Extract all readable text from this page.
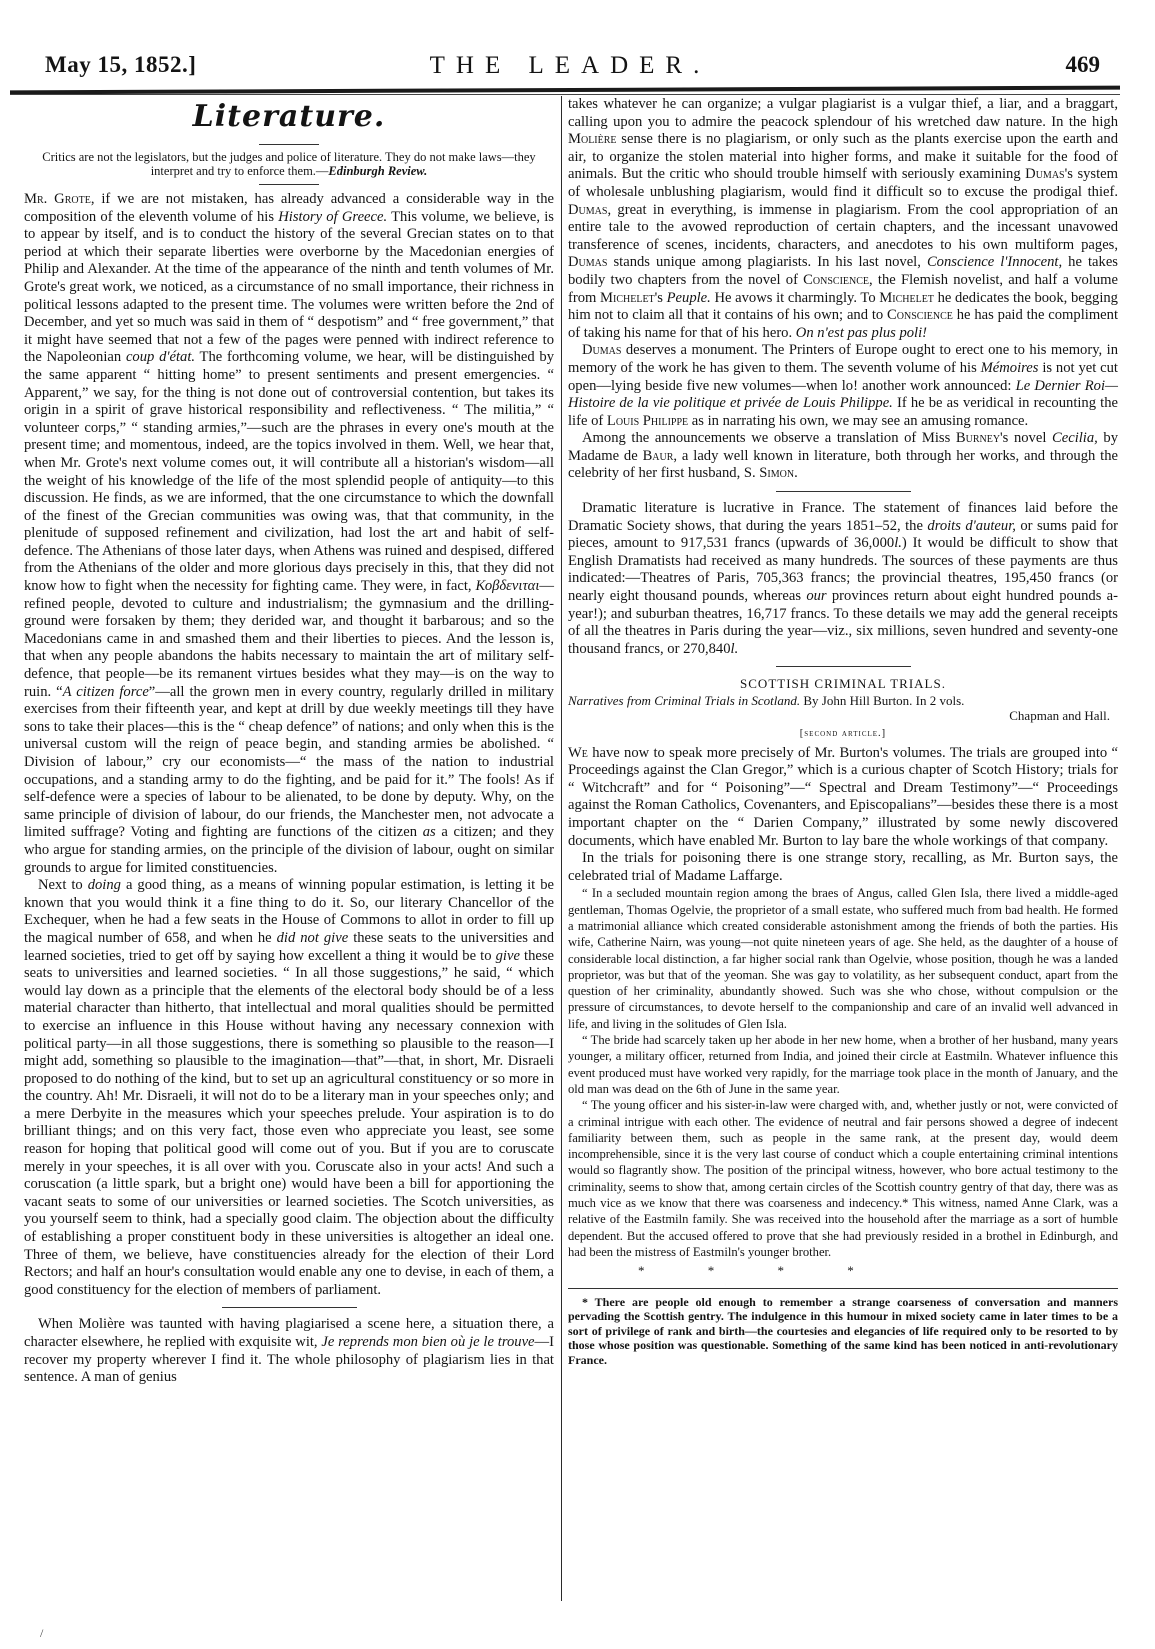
May 15, 1852.]	THE LEADER.	469
Literature.
Critics are not the legislators, but the judges and police of literature. They do not make laws—they interpret and try to enforce them.—Edinburgh Review.

Mr. Grote, if we are not mistaken, has already advanced a considerable way in the composition of the eleventh volume of his History of Greece. This volume, we believe, is to appear by itself, and is to conduct the history of the several Grecian states on to that period at which their separate liberties were overborne by the Macedonian energies of Philip and Alexander. At the time of the appearance of the ninth and tenth volumes of Mr. Grote's great work, we noticed, as a circumstance of no small importance, their richness in political lessons adapted to the present time. The volumes were written before the 2nd of December, and yet so much was said in them of “ despotism” and “ free government,” that it might have seemed that not a few of the pages were penned with indirect reference to the Napoleonian coup d'état. The forthcoming volume, we hear, will be distinguished by the same apparent “ hitting home” to present sentiments and present emergencies. “ Apparent,” we say, for the thing is not done out of controversial contention, but takes its origin in a spirit of grave historical responsibility and reflectiveness. “ The militia,” “ volunteer corps,” “ standing armies,”—such are the phrases in every one's mouth at the present time; and momentous, indeed, are the topics involved in them. Well, we hear that, when Mr. Grote's next volume comes out, it will contribute all a historian's wisdom—all the weight of his knowledge of the life of the most splendid people of antiquity—to this discussion. He finds, as we are informed, that the one circumstance to which the downfall of the finest of the Grecian communities was owing was, that that community, in the plenitude of supposed refinement and civilization, had lost the art and habit of self-defence. The Athenians of those later days, when Athens was ruined and despised, differed from the Athenians of the older and more glorious days precisely in this, that they did not know how to fight when the necessity for fighting came. They were, in fact, Κοβδενιται—refined people, devoted to culture and industrialism; the gymnasium and the drilling-ground were forsaken by them; they derided war, and thought it barbarous; and so the Macedonians came in and smashed them and their liberties to pieces. And the lesson is, that when any people abandons the habits necessary to maintain the art of military self-defence, that people—be its remanent virtues besides what they may—is on the way to ruin. “A citizen force”—all the grown men in every country, regularly drilled in military exercises from their fifteenth year, and kept at drill by due weekly meetings till they have sons to take their places—this is the “ cheap defence” of nations; and only when this is the universal custom will the reign of peace begin, and standing armies be abolished. “ Division of labour,” cry our economists—“ the mass of the nation to industrial occupations, and a standing army to do the fighting, and be paid for it.” The fools! As if self-defence were a species of labour to be alienated, to be done by deputy. Why, on the same principle of division of labour, do our friends, the Manchester men, not advocate a limited suffrage? Voting and fighting are functions of the citizen as a citizen; and they who argue for standing armies, on the principle of the division of labour, ought on similar grounds to argue for limited constituencies.

Next to doing a good thing, as a means of winning popular estimation, is letting it be known that you would think it a fine thing to do it. So, our literary Chancellor of the Exchequer, when he had a few seats in the House of Commons to allot in order to fill up the magical number of 658, and when he did not give these seats to the universities and learned societies, tried to get off by saying how excellent a thing it would be to give these seats to universities and learned societies. “ In all those suggestions,” he said, “ which would lay down as a principle that the elements of the electoral body should be of a less material character than hitherto, that intellectual and moral qualities should be permitted to exercise an influence in this House without having any necessary connexion with political party—in all those suggestions, there is something so plausible to the reason—I might add, something so plausible to the imagination—that”—that, in short, Mr. Disraeli proposed to do nothing of the kind, but to set up an agricultural constituency or so more in the country. Ah! Mr. Disraeli, it will not do to be a literary man in your speeches only; and a mere Derbyite in the measures which your speeches prelude. Your aspiration is to do brilliant things; and on this very fact, those even who appreciate you least, see some reason for hoping that political good will come out of you. But if you are to coruscate merely in your speeches, it is all over with you. Coruscate also in your acts! And such a coruscation (a little spark, but a bright one) would have been a bill for apportioning the vacant seats to some of our universities or learned societies. The Scotch universities, as you yourself seem to think, had a specially good claim. The objection about the difficulty of establishing a proper constituent body in these universities is altogether an ideal one. Three of them, we believe, have constituencies already for the election of their Lord Rectors; and half an hour's consultation would enable any one to devise, in each of them, a good constituency for the election of members of parliament.

When Molière was taunted with having plagiarised a scene here, a situation there, a character elsewhere, he replied with exquisite wit, Je reprends mon bien où je le trouve—I recover my property wherever I find it. The whole philosophy of plagiarism lies in that sentence. A man of genius

takes whatever he can organize; a vulgar plagiarist is a vulgar thief, a liar, and a braggart, calling upon you to admire the peacock splendour of his wretched daw nature. In the high Molière sense there is no plagiarism, or only such as the plants exercise upon the earth and air, to organize the stolen material into higher forms, and make it suitable for the food of animals. But the critic who should trouble himself with seriously examining Dumas's system of wholesale unblushing plagiarism, would find it difficult so to excuse the prodigal thief. Dumas, great in everything, is immense in plagiarism. From the cool appropriation of an entire tale to the avowed reproduction of certain chapters, and the incessant unavowed transference of scenes, incidents, characters, and anecdotes to his own multiform pages, Dumas stands unique among plagiarists. In his last novel, Conscience l'Innocent, he takes bodily two chapters from the novel of Conscience, the Flemish novelist, and half a volume from Michelet's Peuple. He avows it charmingly. To Michelet he dedicates the book, begging him not to claim all that it contains of his own; and to Conscience he has paid the compliment of taking his name for that of his hero. On n'est pas plus poli!

Dumas deserves a monument. The Printers of Europe ought to erect one to his memory, in memory of the work he has given to them. The seventh volume of his Mémoires is not yet cut open—lying beside five new volumes—when lo! another work announced: Le Dernier Roi—Histoire de la vie politique et privée de Louis Philippe. If he be as veridical in recounting the life of Louis Philippe as in narrating his own, we may see an amusing romance.

Among the announcements we observe a translation of Miss Burney's novel Cecilia, by Madame de Baur, a lady well known in literature, both through her works, and through the celebrity of her first husband, S. Simon.

Dramatic literature is lucrative in France. The statement of finances laid before the Dramatic Society shows, that during the years 1851–52, the droits d'auteur, or sums paid for pieces, amount to 917,531 francs (upwards of 36,000l.) It would be difficult to show that English Dramatists had received as many hundreds. The sources of these payments are thus indicated:—Theatres of Paris, 705,363 francs; the provincial theatres, 195,450 francs (or nearly eight thousand pounds, whereas our provinces return about eight hundred pounds a-year!); and suburban theatres, 16,717 francs. To these details we may add the general receipts of all the theatres in Paris during the year—viz., six millions, seven hundred and seventy-one thousand francs, or 270,840l.

SCOTTISH CRIMINAL TRIALS.
Narratives from Criminal Trials in Scotland. By John Hill Burton. In 2 vols.
Chapman and Hall.
[second article.]

We have now to speak more precisely of Mr. Burton's volumes. The trials are grouped into “ Proceedings against the Clan Gregor,” which is a curious chapter of Scotch History; trials for “ Witchcraft” and for “ Poisoning”—“ Spectral and Dream Testimony”—“ Proceedings against the Roman Catholics, Covenanters, and Episcopalians”—besides these there is a most important chapter on the “ Darien Company,” illustrated by some newly discovered documents, which have enabled Mr. Burton to lay bare the whole workings of that company.

In the trials for poisoning there is one strange story, recalling, as Mr. Burton says, the celebrated trial of Madame Laffarge.

“ In a secluded mountain region among the braes of Angus, called Glen Isla, there lived a middle-aged gentleman, Thomas Ogelvie, the proprietor of a small estate, who suffered much from bad health. He formed a matrimonial alliance which created considerable astonishment among the friends of both the parties. His wife, Catherine Nairn, was young—not quite nineteen years of age. She held, as the daughter of a house of considerable local distinction, a far higher social rank than Ogelvie, whose position, though he was a landed proprietor, was but that of the yeoman. She was gay to volatility, as her subsequent conduct, apart from the question of her criminality, abundantly showed. Such was she who chose, without compulsion or the pressure of circumstances, to devote herself to the companionship and care of an invalid well advanced in life, and living in the solitudes of Glen Isla.

“ The bride had scarcely taken up her abode in her new home, when a brother of her husband, many years younger, a military officer, returned from India, and joined their circle at Eastmiln. Whatever influence this event produced must have worked very rapidly, for the marriage took place in the month of January, and the old man was dead on the 6th of June in the same year.

“ The young officer and his sister-in-law were charged with, and, whether justly or not, were convicted of a criminal intrigue with each other. The evidence of neutral and fair persons showed a degree of indecent familiarity between them, such as people in the same rank, at the present day, would deem incomprehensible, since it is the very last course of conduct which a couple entertaining criminal intentions would so flagrantly show. The position of the principal witness, however, who bore actual testimony to the criminality, seems to show that, among certain circles of the Scottish country gentry of that day, there was as much vice as we know that there was coarseness and indecency.* This witness, named Anne Clark, was a relative of the Eastmiln family. She was received into the household after the marriage as a sort of humble dependent. But the accused offered to prove that she had previously resided in a brothel in Edinburgh, and had been the mistress of Eastmiln's younger brother.

* * * *

* There are people old enough to remember a strange coarseness of conversation and manners pervading the Scottish gentry. The indulgence in this humour in mixed society came in later times to be a sort of privilege of rank and birth—the courtesies and elegancies of life required only to be resorted to by those whose position was questionable. Something of the same kind has been noticed in anti-revolutionary France.

/
